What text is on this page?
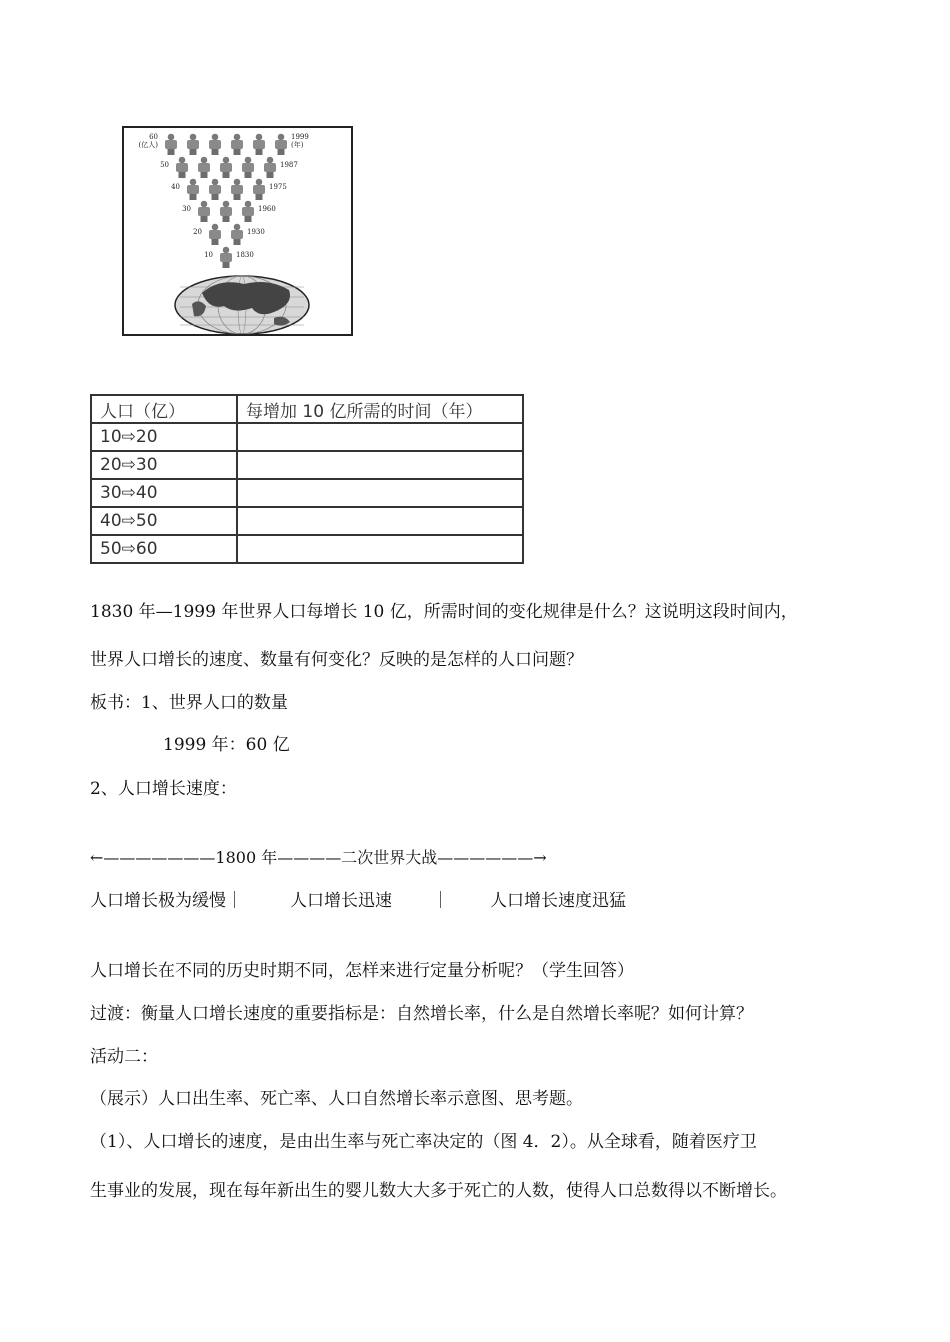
60 (亿人)
1999 (年)
50	1987
40	1975
30	1960
20	1930
10	1830
人口（亿）	每增加 10 亿所需的时间（年）
10⇨20	
20⇨30	
30⇨40	
40⇨50	
50⇨60	
1830 年—1999 年世界人口每增长 10 亿，所需时间的变化规律是什么？这说明这段时间内，
世界人口增长的速度、数量有何变化？反映的是怎样的人口问题？
板书：1、世界人口的数量
1999 年：60 亿
2、人口增长速度：
←———————1800 年————二次世界大战——————→
人口增长极为缓慢｜	人口增长迅速 ｜ 人口增长速度迅猛
人口增长在不同的历史时期不同，怎样来进行定量分析呢？（学生回答）
过渡：衡量人口增长速度的重要指标是：自然增长率，什么是自然增长率呢？如何计算？
活动二：
（展示）人口出生率、死亡率、人口自然增长率示意图、思考题。
（1）、人口增长的速度，是由出生率与死亡率决定的（图 4．2）。从全球看，随着医疗卫
生事业的发展，现在每年新出生的婴儿数大大多于死亡的人数，使得人口总数得以不断增长。
